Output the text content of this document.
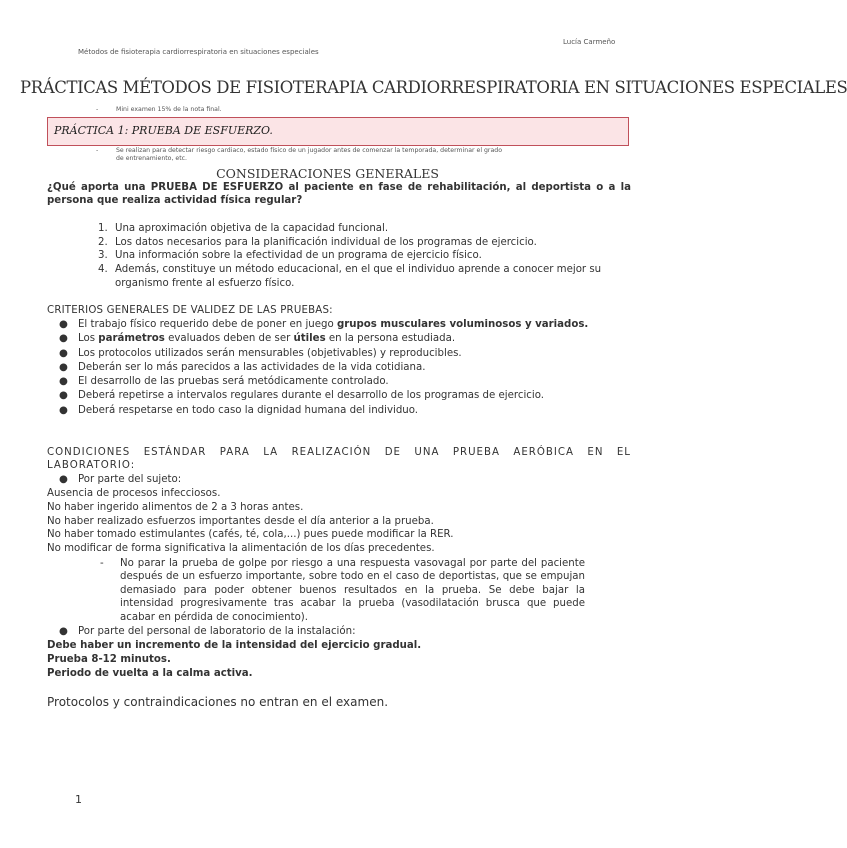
Lucía Carmeño
Métodos de fisioterapia cardiorrespiratoria en situaciones especiales
PRÁCTICAS MÉTODOS DE FISIOTERAPIA CARDIORRESPIRATORIA EN SITUACIONES ESPECIALES
-	Mini examen 15% de la nota final.
PRÁCTICA 1: PRUEBA DE ESFUERZO.
-	Se realizan para detectar riesgo cardiaco, estado físico de un jugador antes de comenzar la temporada, determinar el grado
de entrenamiento, etc.
CONSIDERACIONES GENERALES
¿Qué aporta una PRUEBA DE ESFUERZO al paciente en fase de rehabilitación, al deportista o a la persona que realiza actividad física regular?
1. Una aproximación objetiva de la capacidad funcional.
2. Los datos necesarios para la planificación individual de los programas de ejercicio.
3. Una información sobre la efectividad de un programa de ejercicio físico.
4. Además, constituye un método educacional, en el que el individuo aprende a conocer mejor su organismo frente al esfuerzo físico.
CRITERIOS GENERALES DE VALIDEZ DE LAS PRUEBAS:
● El trabajo físico requerido debe de poner en juego grupos musculares voluminosos y variados.
● Los parámetros evaluados deben de ser útiles en la persona estudiada.
● Los protocolos utilizados serán mensurables (objetivables) y reproducibles.
● Deberán ser lo más parecidos a las actividades de la vida cotidiana.
● El desarrollo de las pruebas será metódicamente controlado.
● Deberá repetirse a intervalos regulares durante el desarrollo de los programas de ejercicio.
● Deberá respetarse en todo caso la dignidad humana del individuo.
CONDICIONES ESTÁNDAR PARA LA REALIZACIÓN DE UNA PRUEBA AERÓBICA EN EL LABORATORIO:
● Por parte del sujeto:
Ausencia de procesos infecciosos.
No haber ingerido alimentos de 2 a 3 horas antes.
No haber realizado esfuerzos importantes desde el día anterior a la prueba.
No haber tomado estimulantes (cafés, té, cola,...) pues puede modificar la RER.
No modificar de forma significativa la alimentación de los días precedentes.
- No parar la prueba de golpe por riesgo a una respuesta vasovagal por parte del paciente después de un esfuerzo importante, sobre todo en el caso de deportistas, que se empujan demasiado para poder obtener buenos resultados en la prueba. Se debe bajar la intensidad progresivamente tras acabar la prueba (vasodilatación brusca que puede acabar en pérdida de conocimiento).
● Por parte del personal de laboratorio de la instalación:
Debe haber un incremento de la intensidad del ejercicio gradual.
Prueba 8-12 minutos.
Periodo de vuelta a la calma activa.
Protocolos y contraindicaciones no entran en el examen.
1
